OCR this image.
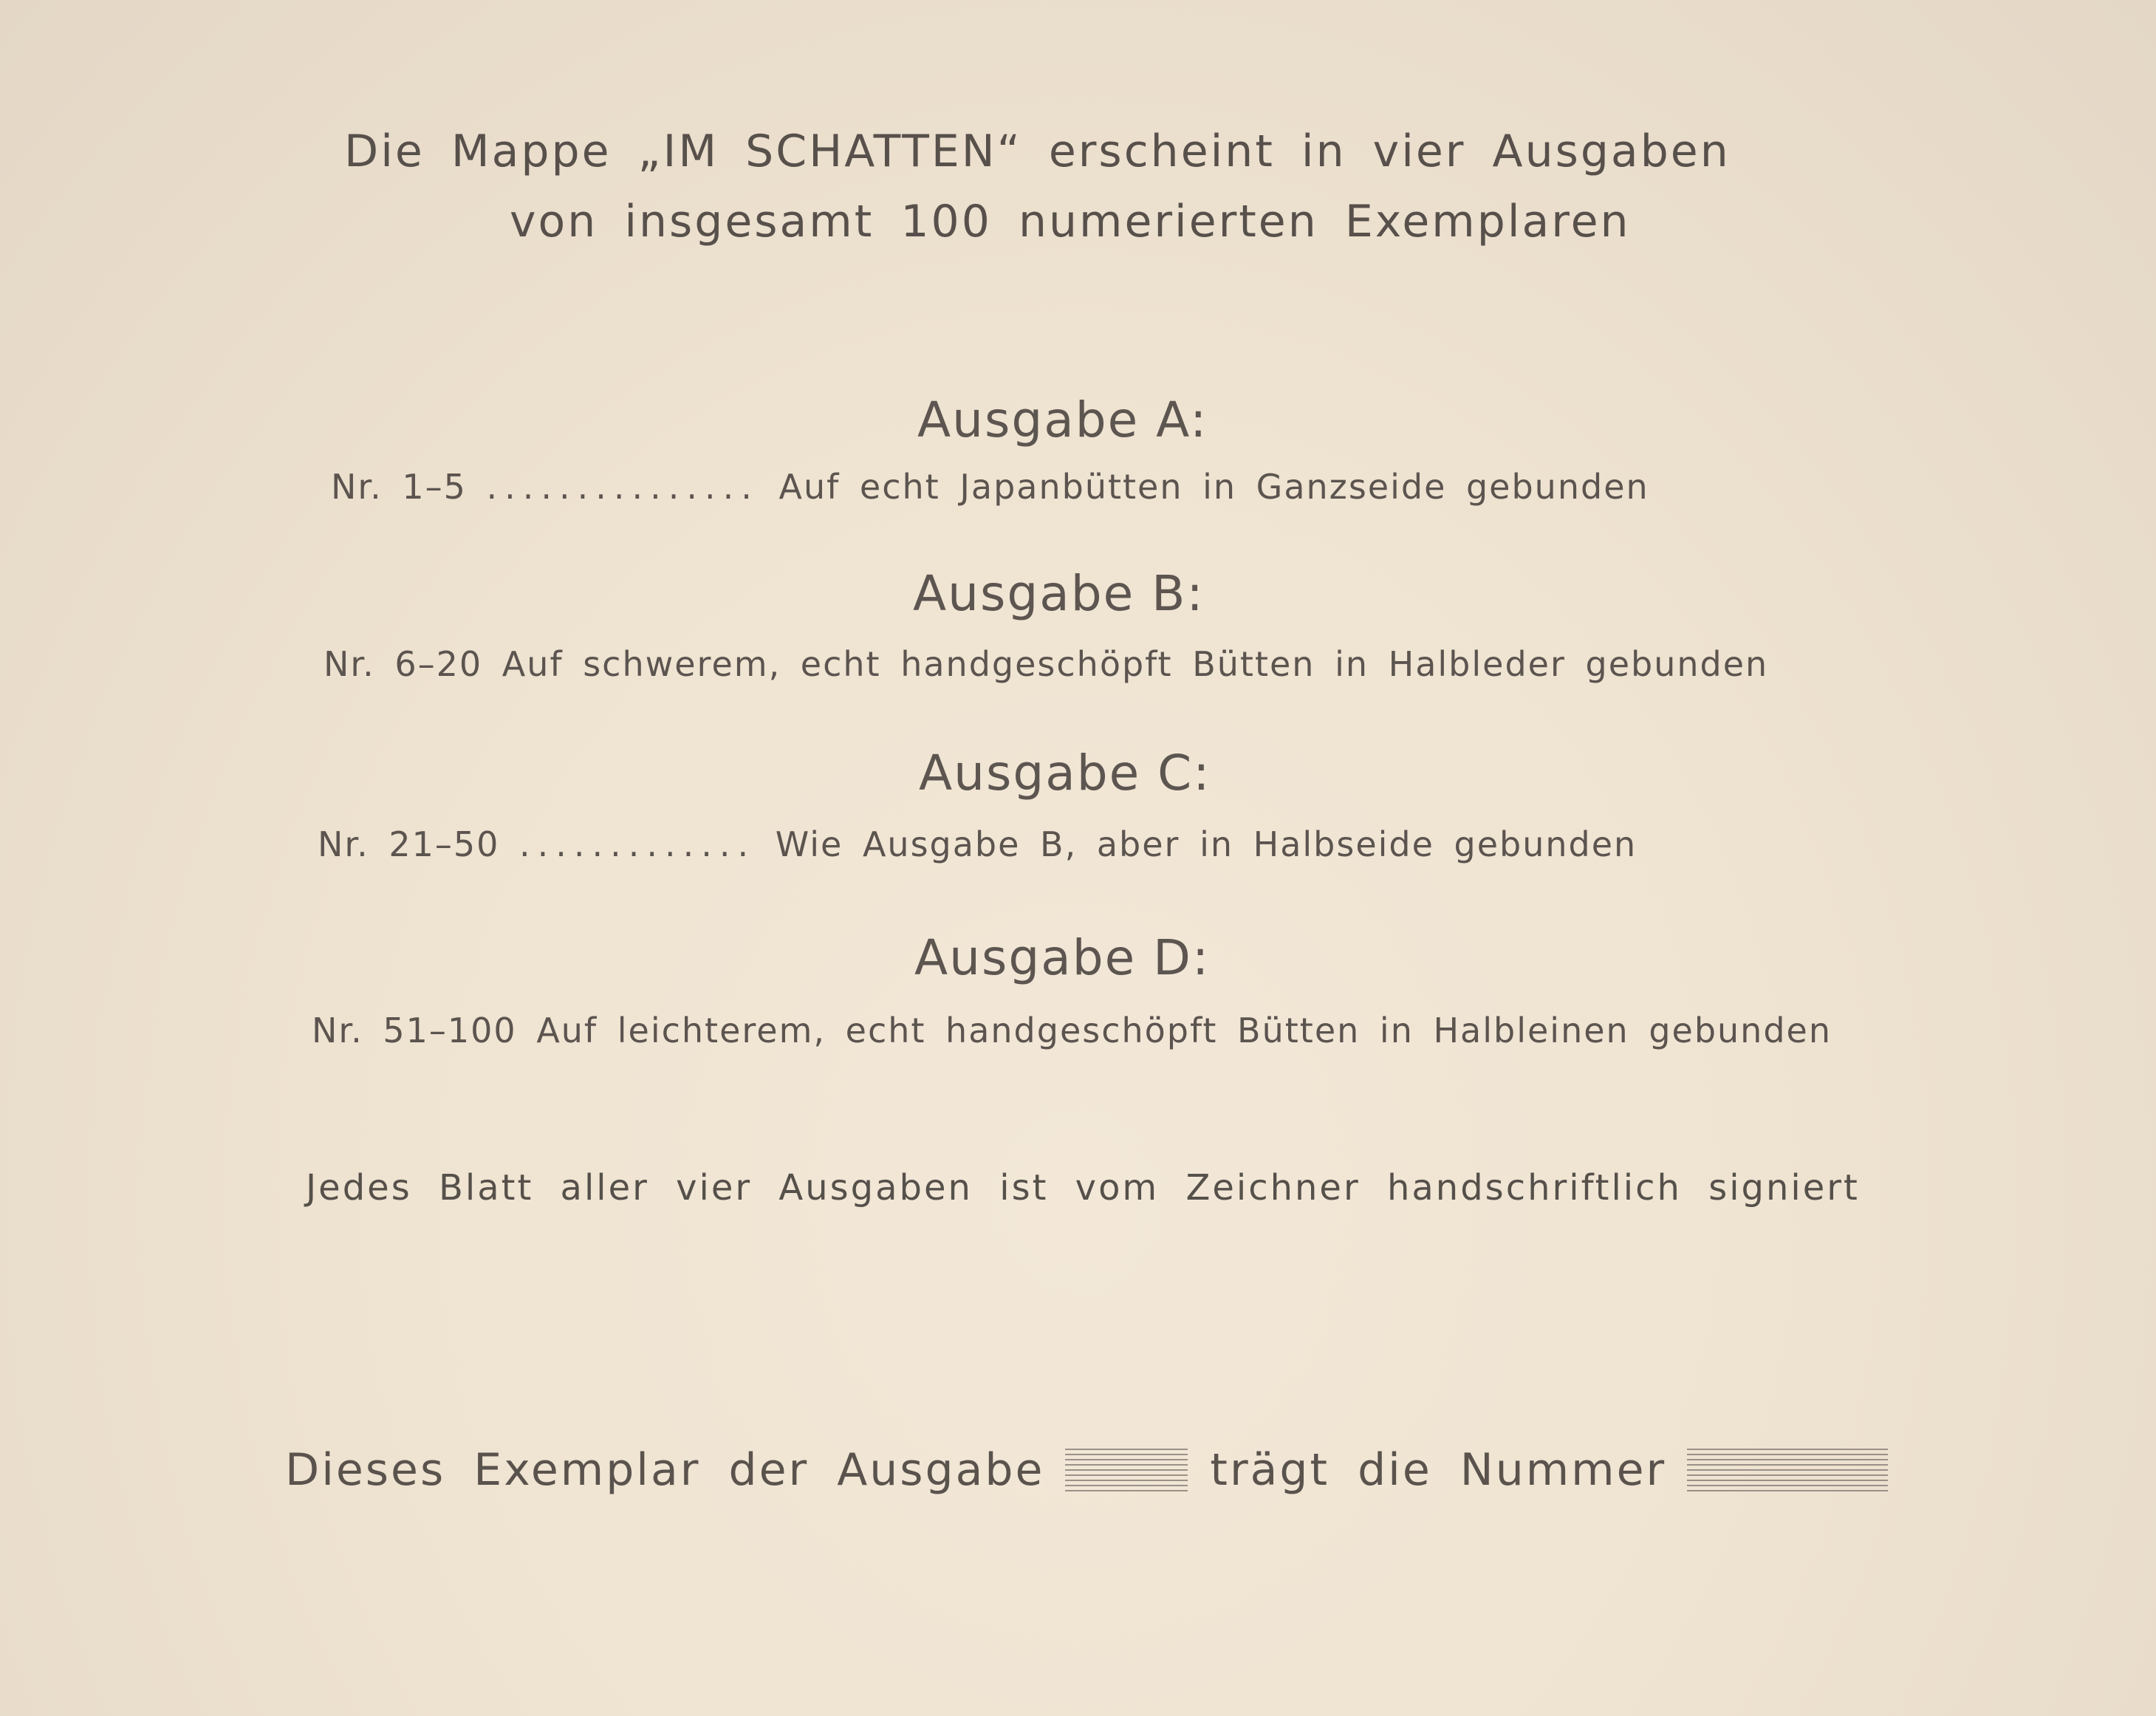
Die Mappe „IM SCHATTEN“ erscheint in vier Ausgaben

von insgesamt 100 numerierten Exemplaren

Ausgabe A:

Nr. 1–5 ............... Auf echt Japanbütten in Ganzseide gebunden

Ausgabe B:

Nr. 6–20 Auf schwerem, echt handgeschöpft Bütten in Halbleder gebunden

Ausgabe C:

Nr. 21–50 ............. Wie Ausgabe B, aber in Halbseide gebunden

Ausgabe D:

Nr. 51–100 Auf leichterem, echt handgeschöpft Bütten in Halbleinen gebunden

Jedes Blatt aller vier Ausgaben ist vom Zeichner handschriftlich signiert

Dieses Exemplar der Ausgabe	trägt die Nummer
